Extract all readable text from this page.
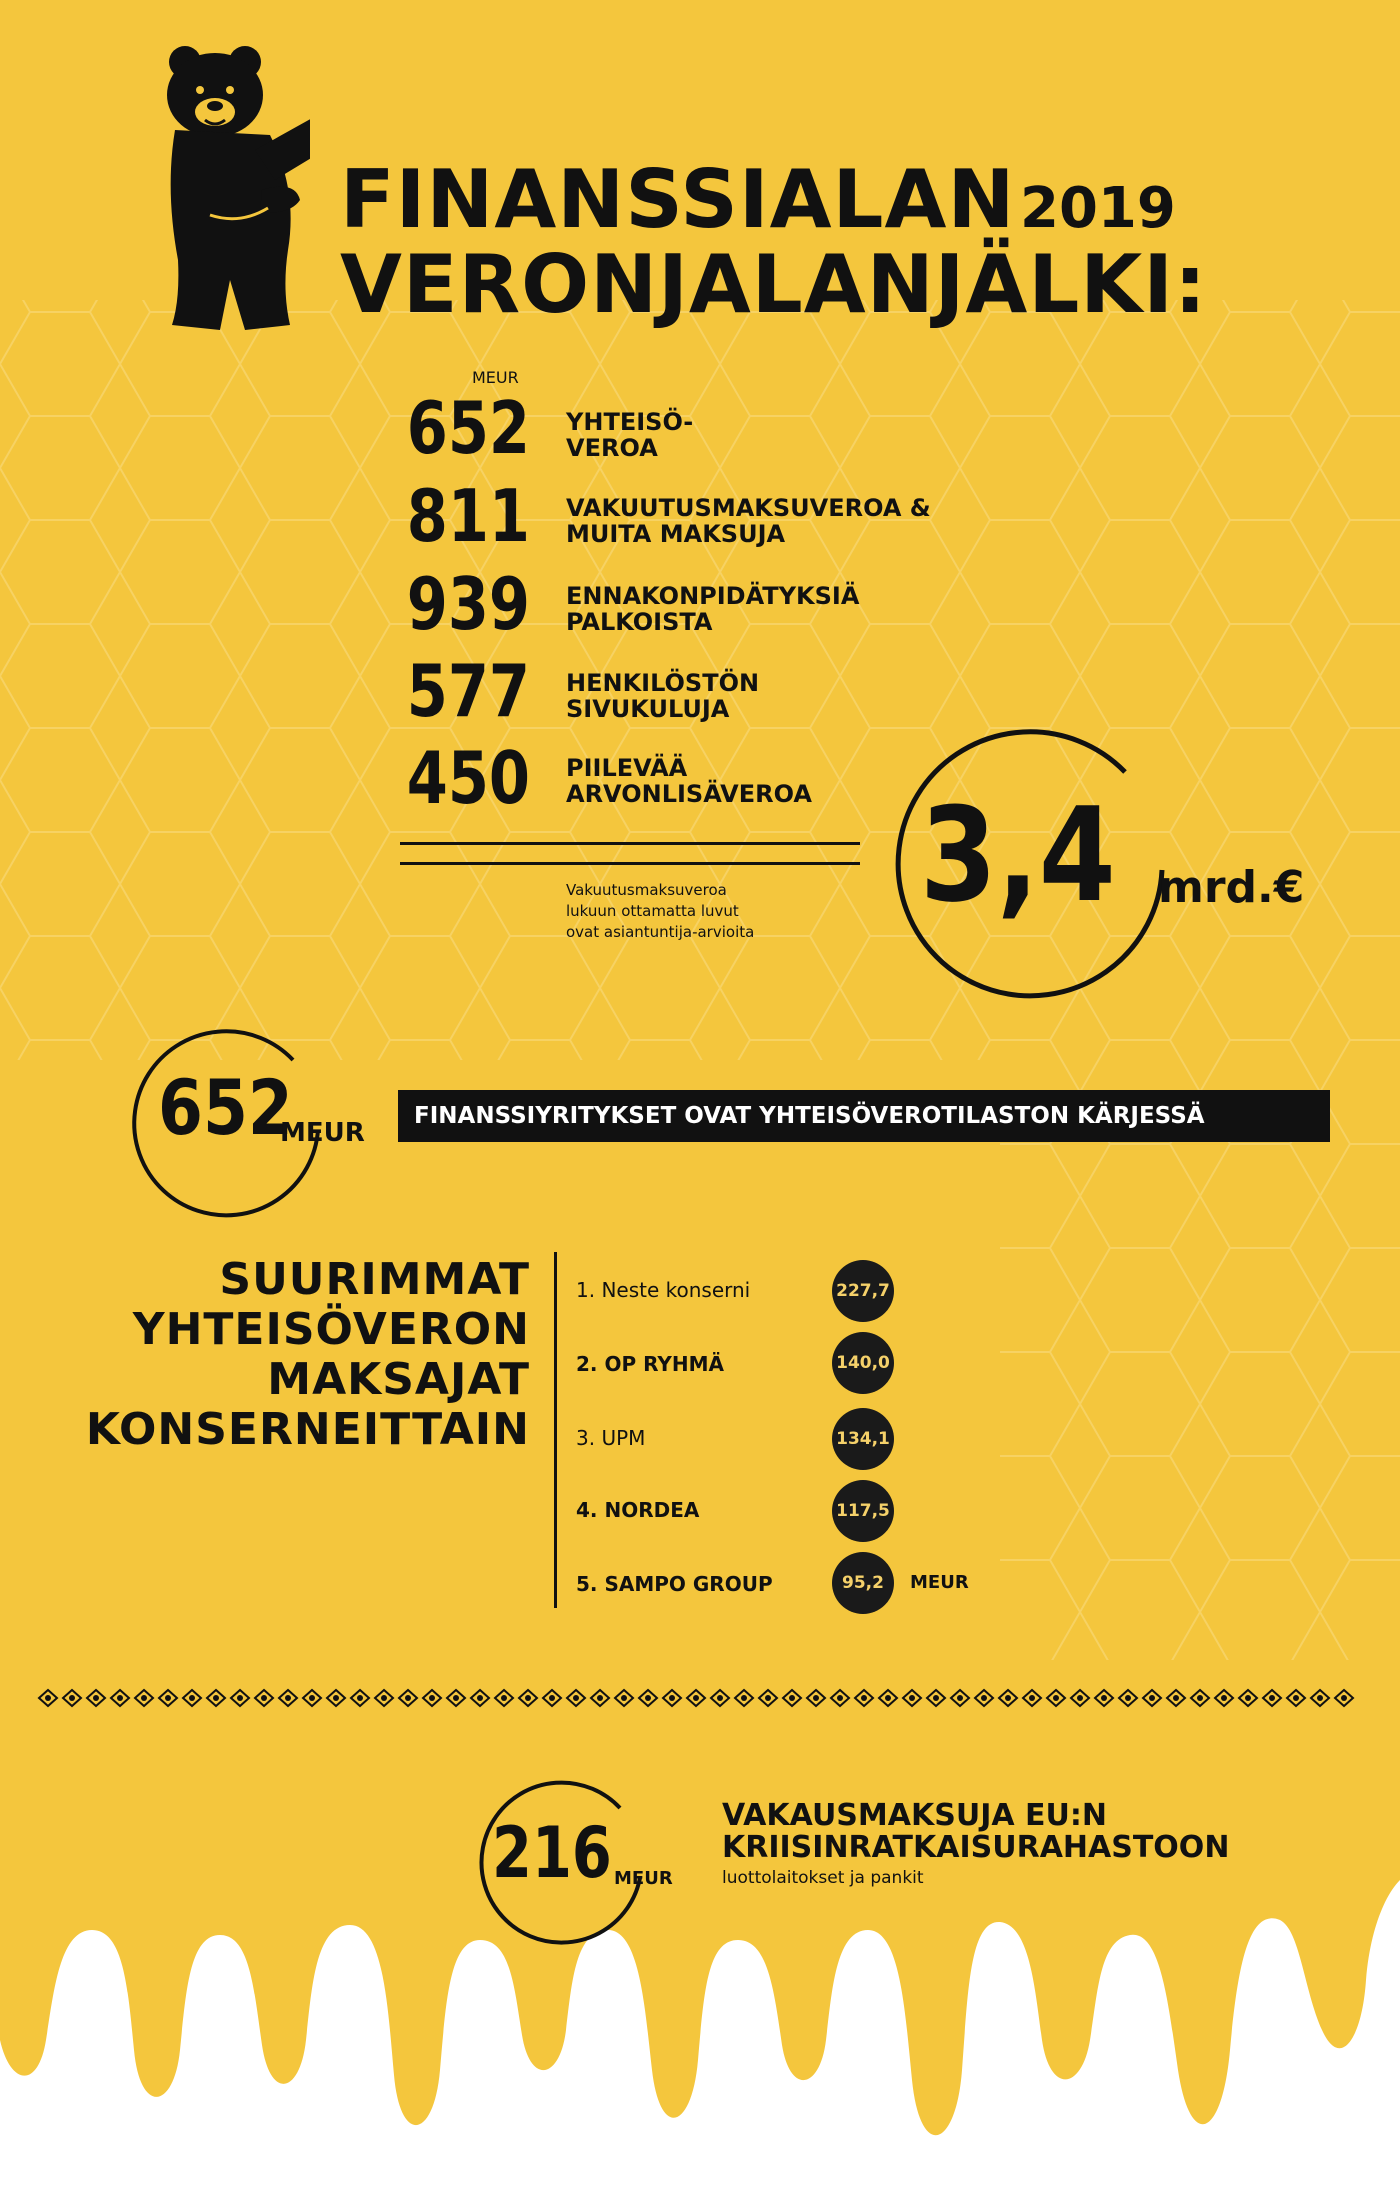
FINANSSIALAN 2019
VERONJALANJÄLKI:
MEUR
652 YHTEISÖ-
VEROA
811 VAKUUTUSMAKSUVEROA &
MUITA MAKSUJA
939 ENNAKONPIDÄTYKSIÄ
PALKOISTA
577 HENKILÖSTÖN
SIVUKULUJA
450 PIILEVÄÄ
ARVONLISÄVEROA
Vakuutusmaksuveroa
lukuun ottamatta luvut
ovat asiantuntija-arvioita
3,4 mrd.€
652
MEUR
FINANSSIYRITYKSET OVAT YHTEISÖVEROTILASTON KÄRJESSÄ
SUURIMMAT
YHTEISÖVERON
MAKSAJAT
KONSERNEITTAIN
1. Neste konserni	227,7
2. OP RYHMÄ	140,0
3. UPM	134,1
4. NORDEA	117,5
5. SAMPO GROUP	95,2	MEUR
216 MEUR
VAKAUSMAKSUJA EU:N
KRIISINRATKAISURAHASTOON
luottolaitokset ja pankit
